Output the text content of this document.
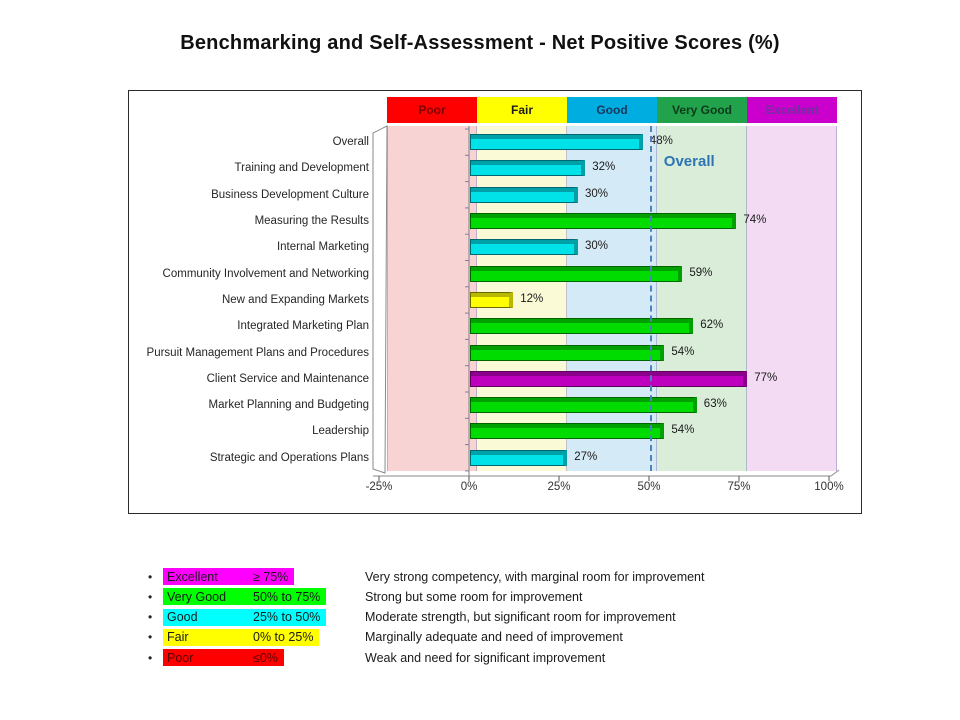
Benchmarking and Self-Assessment - Net Positive Scores (%)
Poor	Fair	Good	Very Good	Excellent
Overall	48%
Training and Development	32%
Business Development Culture	30%
Measuring the Results	74%
Internal Marketing	30%
Community Involvement and Networking	59%
New and Expanding Markets	12%
Integrated Marketing Plan	62%
Pursuit Management Plans and Procedures	54%
Client Service and Maintenance	77%
Market Planning and Budgeting	63%
Leadership	54%
Strategic and Operations Plans	27%
Overall
-25%	0%	25%	50%	75%	100%
• Excellent	≥ 75%	Very strong competency, with marginal room for improvement
• Very Good	50% to 75%	Strong but some room for improvement
• Good	25% to 50%	Moderate strength, but significant room for improvement
• Fair	0% to 25%	Marginally adequate and need of improvement
• Poor	≤0%	Weak and need for significant improvement
